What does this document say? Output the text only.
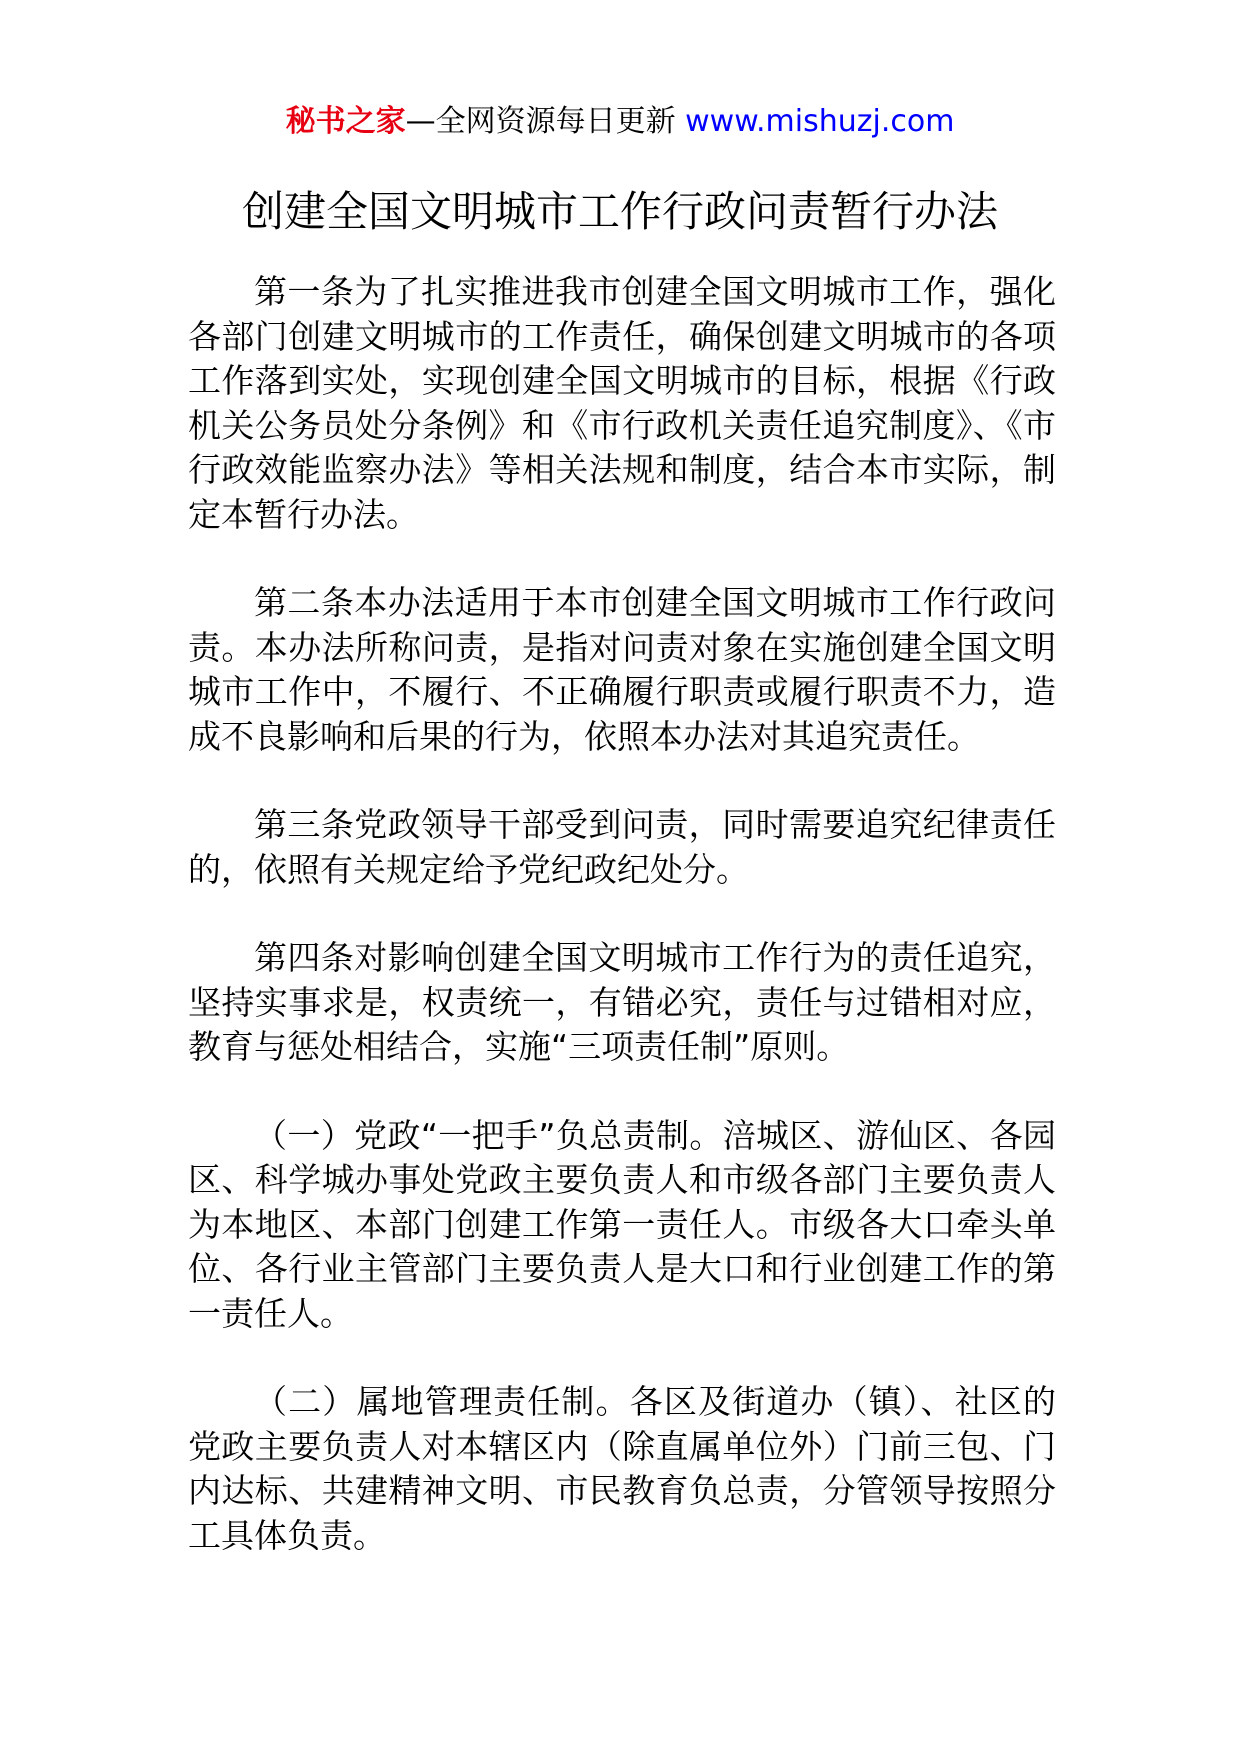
秘书之家—全网资源每日更新 www.mishuzj.com
创建全国文明城市工作行政问责暂行办法

第一条为了扎实推进我市创建全国文明城市工作，强化各部门创建文明城市的工作责任，确保创建文明城市的各项工作落到实处，实现创建全国文明城市的目标，根据《行政机关公务员处分条例》和《市行政机关责任追究制度》、《市行政效能监察办法》等相关法规和制度，结合本市实际，制定本暂行办法。

第二条本办法适用于本市创建全国文明城市工作行政问责。本办法所称问责，是指对问责对象在实施创建全国文明城市工作中，不履行、不正确履行职责或履行职责不力，造成不良影响和后果的行为，依照本办法对其追究责任。

第三条党政领导干部受到问责，同时需要追究纪律责任的，依照有关规定给予党纪政纪处分。

第四条对影响创建全国文明城市工作行为的责任追究，坚持实事求是，权责统一，有错必究，责任与过错相对应，教育与惩处相结合，实施“三项责任制”原则。

（一）党政“一把手”负总责制。涪城区、游仙区、各园区、科学城办事处党政主要负责人和市级各部门主要负责人为本地区、本部门创建工作第一责任人。市级各大口牵头单位、各行业主管部门主要负责人是大口和行业创建工作的第一责任人。

（二）属地管理责任制。各区及街道办（镇）、社区的党政主要负责人对本辖区内（除直属单位外）门前三包、门内达标、共建精神文明、市民教育负总责，分管领导按照分工具体负责。
